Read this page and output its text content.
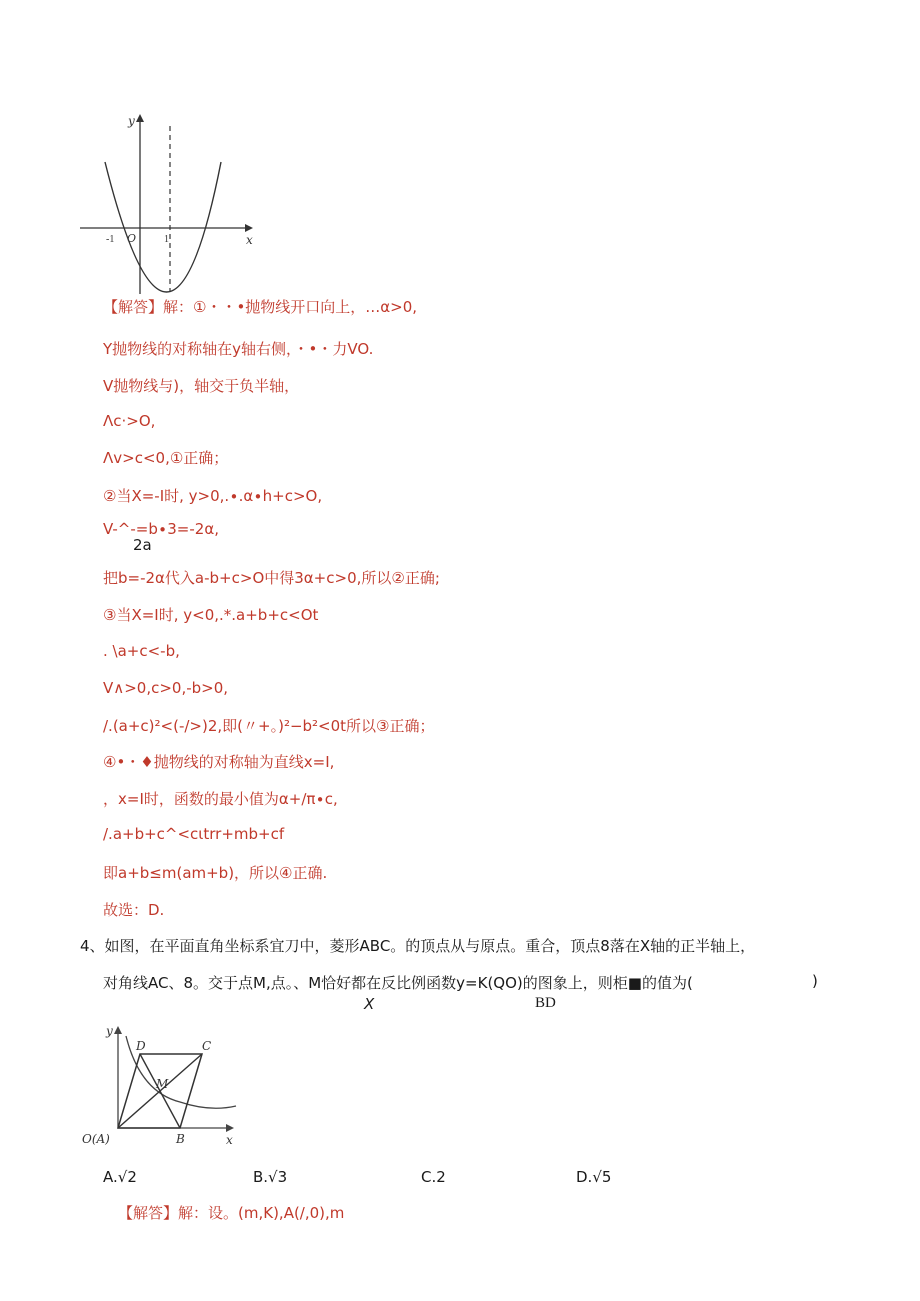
y
x
O
-1	1
【解答】解：①・・•抛物线开口向上，…α>0,
Y抛物线的对称轴在y轴右侧，・•・力VO.
V抛物线与)，轴交于负半轴，
Λc·>O,
Λv>c<0,①正确；
②当X=-I时, y>0,.∙.α∙h+c>O,
V-^-=b∙3=-2α,
2a
把b=-2α代入a-b+c>O中得3α+c>0,所以②正确;
③当X=I时, y<0,.*.a+b+c<Ot
. \a+c<-b,
V∧>0,c>0,-b>0,
/.(a+c)²<(-/>)2,即(〃+。)²−b²<0t所以③正确；
④•・♦抛物线的对称轴为直线x=I,
，x=I时，函数的最小值为α+∕π∙c,
/.a+b+c^<cιtrr+mb+cf
即a+b≤m(am+b)，所以④正确.
故选：D.
4、如图，在平面直角坐标系宜刀中，菱形ABC。的顶点从与原点。重合，顶点8落在X轴的正半轴上，
对角线AC、8。交于点M,点。、M恰好都在反比例函数y=K(QO)的图象上，则柜■的值为(	)
X	BD
D	C
M
B
O(A)
y
x
A.√2	B.√3	C.2	D.√5
【解答】解：设。(m,K),A(/,0),m
